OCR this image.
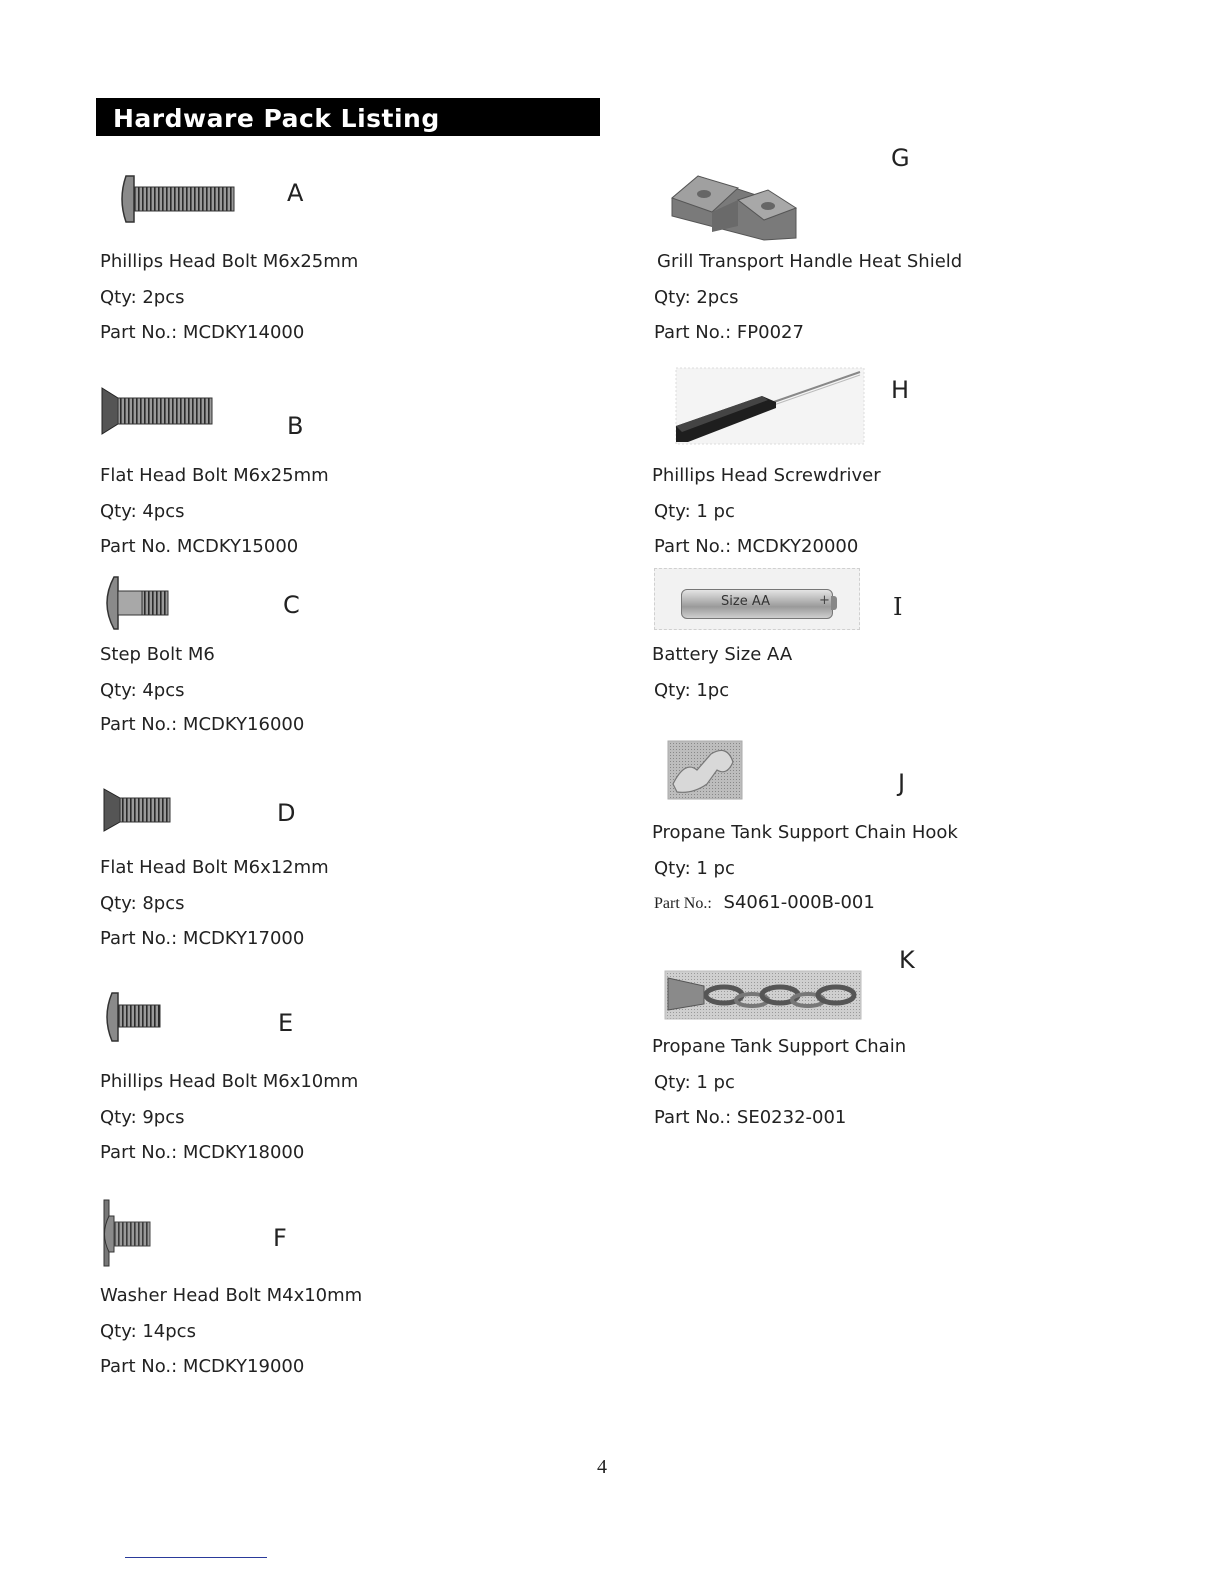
Hardware Pack Listing
A
Phillips Head Bolt M6x25mm
Qty: 2pcs
Part No.: MCDKY14000
B
Flat Head Bolt M6x25mm
Qty: 4pcs
Part No. MCDKY15000
C
Step Bolt M6
Qty: 4pcs
Part No.: MCDKY16000
D
Flat Head Bolt M6x12mm
Qty: 8pcs
Part No.: MCDKY17000
E
Phillips Head Bolt M6x10mm
Qty: 9pcs
Part No.: MCDKY18000
F
Washer Head Bolt M4x10mm
Qty: 14pcs
Part No.: MCDKY19000
G
Grill Transport Handle Heat Shield
Qty: 2pcs
Part No.: FP0027
H
Phillips Head Screwdriver
Qty: 1 pc
Part No.: MCDKY20000
Size AA	+	I
Battery Size AA
Qty: 1pc
J
Propane Tank Support Chain Hook
Qty: 1 pc
Part No.: S4061-000B-001
K
Propane Tank Support Chain
Qty: 1 pc
Part No.: SE0232-001
4
